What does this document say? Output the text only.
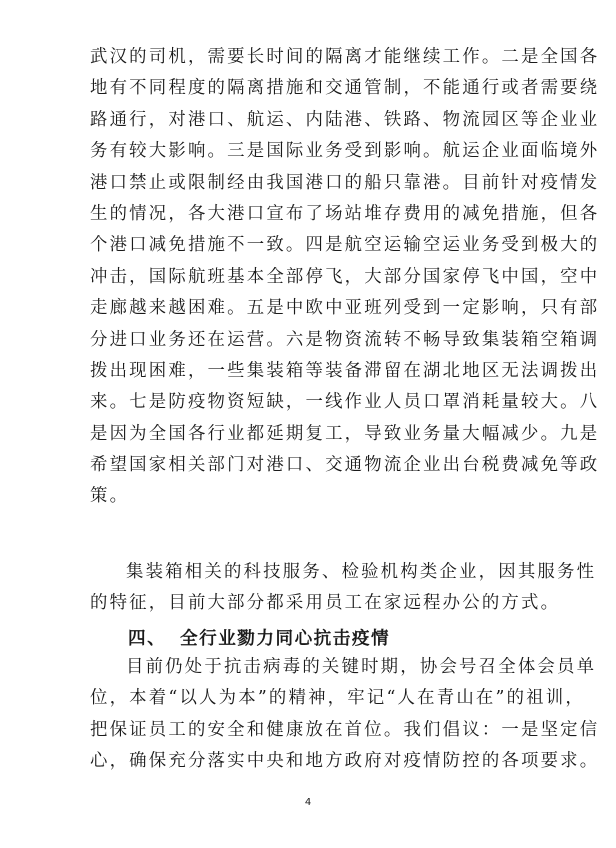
武汉的司机，需要长时间的隔离才能继续工作。二是全国各
地有不同程度的隔离措施和交通管制，不能通行或者需要绕
路通行，对港口、航运、内陆港、铁路、物流园区等企业业
务有较大影响。三是国际业务受到影响。航运企业面临境外
港口禁止或限制经由我国港口的船只靠港。目前针对疫情发
生的情况，各大港口宣布了场站堆存费用的减免措施，但各
个港口减免措施不一致。四是航空运输空运业务受到极大的
冲击，国际航班基本全部停飞，大部分国家停飞中国，空中
走廊越来越困难。五是中欧中亚班列受到一定影响，只有部
分进口业务还在运营。六是物资流转不畅导致集装箱空箱调
拨出现困难，一些集装箱等装备滞留在湖北地区无法调拨出
来。七是防疫物资短缺，一线作业人员口罩消耗量较大。八
是因为全国各行业都延期复工，导致业务量大幅减少。九是
希望国家相关部门对港口、交通物流企业出台税费减免等政
策。
集装箱相关的科技服务、检验机构类企业，因其服务性
的特征，目前大部分都采用员工在家远程办公的方式。
四、 全行业勠力同心抗击疫情
目前仍处于抗击病毒的关键时期，协会号召全体会员单
位，本着“以人为本”的精神，牢记“人在青山在”的祖训，
把保证员工的安全和健康放在首位。我们倡议：一是坚定信
心，确保充分落实中央和地方政府对疫情防控的各项要求。
4
